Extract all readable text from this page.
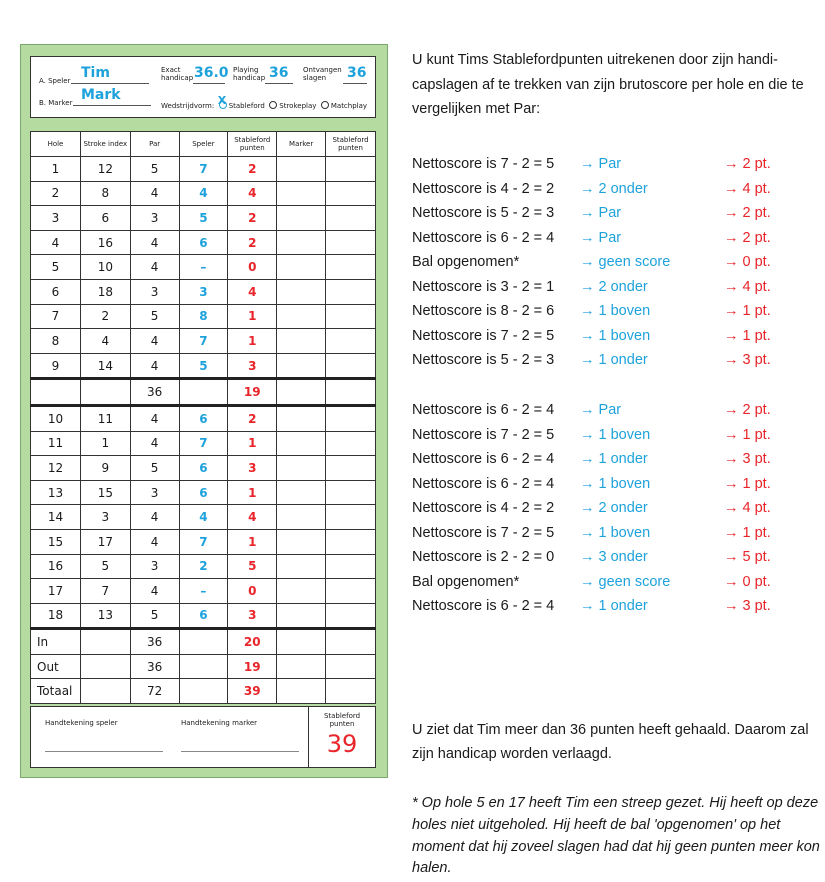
A. Speler Tim
B. Marker Mark
Exact
handicap 36.0 Playing
handicap 36 Ontvangen
slagen	36
Wedstrijdvorm: X Stableford Strokeplay Matchplay
Hole	Stroke index	Par	Speler	Stableford punten	Marker	Stableford punten
1	12	5	7	2		
2	8	4	4	4		
3	6	3	5	2		
4	16	4	6	2		
5	10	4	–	0		
6	18	3	3	4		
7	2	5	8	1		
8	4	4	7	1		
9	14	4	5	3		
		36		19		
10	11	4	6	2		
11	1	4	7	1		
12	9	5	6	3		
13	15	3	6	1		
14	3	4	4	4		
15	17	4	7	1		
16	5	3	2	5		
17	7	4	–	0		
18	13	5	6	3		
In		36		20		
Out		36		19		
Totaal		72		39		
Handtekening speler	Handtekening marker
Stableford punten
39
U kunt Tims Stablefordpunten uitrekenen door zijn handi-
capslagen af te trekken van zijn brutoscore per hole en die te
vergelijken met Par:
Nettoscore is 7 - 2 = 5 → Par	→ 2 pt.
Nettoscore is 4 - 2 = 2 → 2 onder	→ 4 pt.
Nettoscore is 5 - 2 = 3 → Par	→ 2 pt.
Nettoscore is 6 - 2 = 4 → Par	→ 2 pt.
Bal opgenomen*	→ geen score	→ 0 pt.
Nettoscore is 3 - 2 = 1 → 2 onder	→ 4 pt.
Nettoscore is 8 - 2 = 6 → 1 boven	→ 1 pt.
Nettoscore is 7 - 2 = 5 → 1 boven	→ 1 pt.
Nettoscore is 5 - 2 = 3 → 1 onder	→ 3 pt.
Nettoscore is 6 - 2 = 4 → Par	→ 2 pt.
Nettoscore is 7 - 2 = 5 → 1 boven	→ 1 pt.
Nettoscore is 6 - 2 = 4 → 1 onder	→ 3 pt.
Nettoscore is 6 - 2 = 4 → 1 boven	→ 1 pt.
Nettoscore is 4 - 2 = 2 → 2 onder	→ 4 pt.
Nettoscore is 7 - 2 = 5 → 1 boven	→ 1 pt.
Nettoscore is 2 - 2 = 0 → 3 onder	→ 5 pt.
Bal opgenomen*	→ geen score	→ 0 pt.
Nettoscore is 6 - 2 = 4 → 1 onder	→ 3 pt.
U ziet dat Tim meer dan 36 punten heeft gehaald. Daarom zal
zijn handicap worden verlaagd.
* Op hole 5 en 17 heeft Tim een streep gezet. Hij heeft op deze
holes niet uitgeholed. Hij heeft de bal 'opgenomen' op het
moment dat hij zoveel slagen had dat hij geen punten meer kon
halen.
